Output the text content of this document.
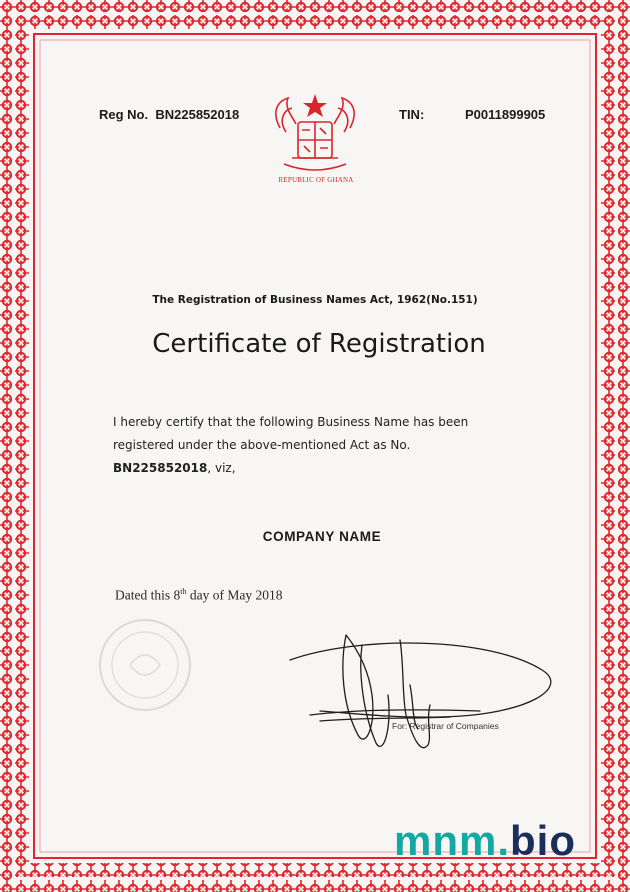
Reg No. BN225852018	TIN:	P0011899905
REPUBLIC OF GHANA
The Registration of Business Names Act, 1962(No.151)
Certificate of Registration
I hereby certify that the following Business Name has been
registered under the above-mentioned Act as No.
BN225852018, viz,
COMPANY NAME
Dated this 8th day of May 2018
For: Registrar of Companies
mnm.bio
